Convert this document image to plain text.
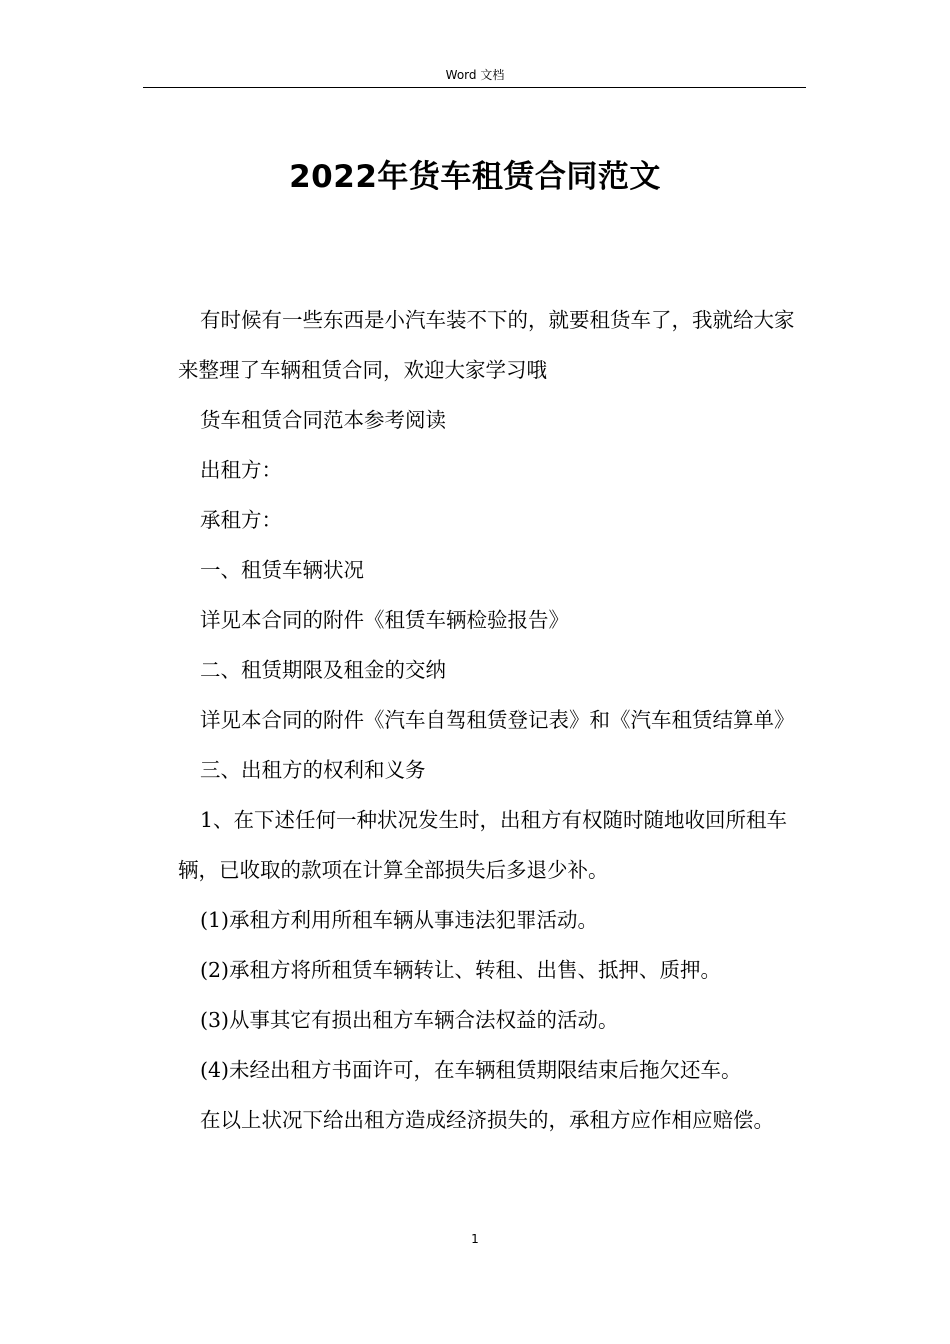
Word 文档
2022年货车租赁合同范文

有时候有一些东西是小汽车装不下的，就要租货车了，我就给大家来整理了车辆租赁合同，欢迎大家学习哦

货车租赁合同范本参考阅读

出租方：

承租方：

一、租赁车辆状况

详见本合同的附件《租赁车辆检验报告》

二、租赁期限及租金的交纳

详见本合同的附件《汽车自驾租赁登记表》和《汽车租赁结算单》

三、出租方的权利和义务

1、在下述任何一种状况发生时，出租方有权随时随地收回所租车辆，已收取的款项在计算全部损失后多退少补。

(1)承租方利用所租车辆从事违法犯罪活动。

(2)承租方将所租赁车辆转让、转租、出售、抵押、质押。

(3)从事其它有损出租方车辆合法权益的活动。

(4)未经出租方书面许可，在车辆租赁期限结束后拖欠还车。

在以上状况下给出租方造成经济损失的，承租方应作相应赔偿。

1
